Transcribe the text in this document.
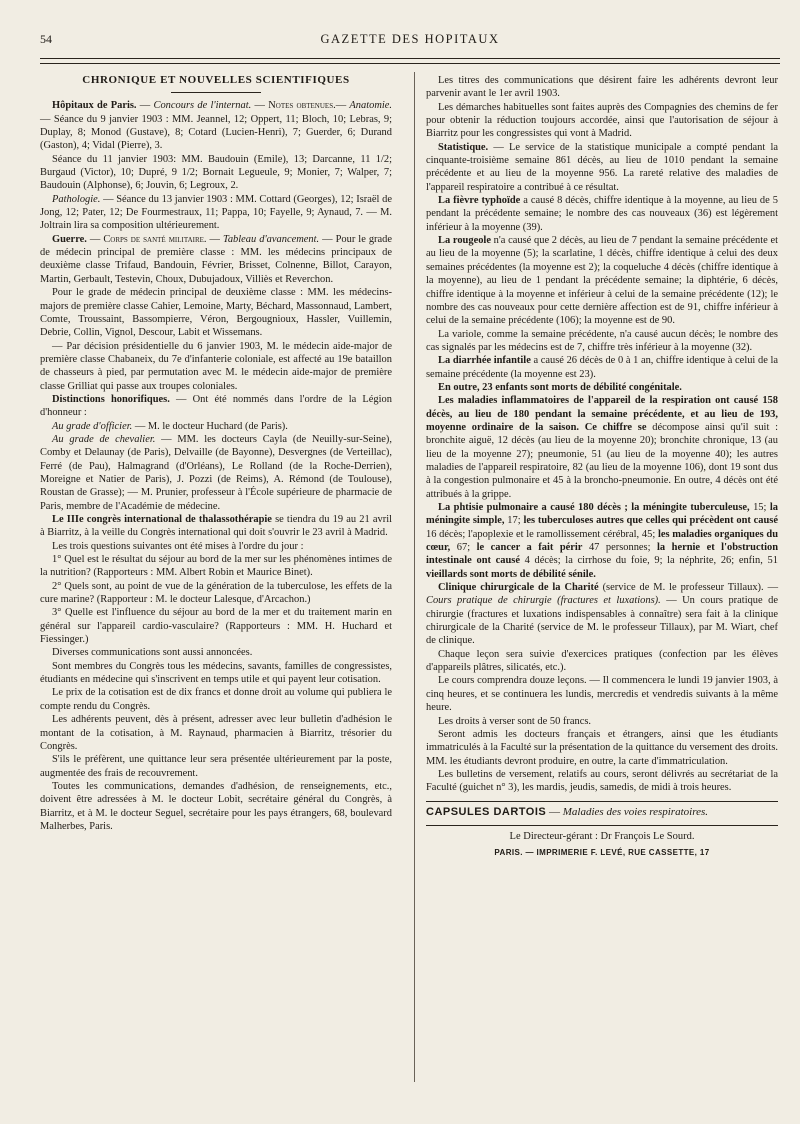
54	GAZETTE DES HOPITAUX
CHRONIQUE ET NOUVELLES SCIENTIFIQUES

Hôpitaux de Paris. — Concours de l'internat. — Notes obtenues.— Anatomie. — Séance du 9 janvier 1903 : MM. Jeannel, 12; Oppert, 11; Bloch, 10; Lebras, 9; Duplay, 8; Monod (Gustave), 8; Cotard (Lucien-Henri), 7; Guerder, 6; Durand (Gaston), 4; Vidal (Pierre), 3.

Séance du 11 janvier 1903: MM. Baudouin (Emile), 13; Darcanne, 11 1/2; Burgaud (Victor), 10; Dupré, 9 1/2; Bornait Legueule, 9; Monier, 7; Walper, 7; Baudouin (Alphonse), 6; Jouvin, 6; Legroux, 2.

Pathologie. — Séance du 13 janvier 1903 : MM. Cottard (Georges), 12; Israël de Jong, 12; Pater, 12; De Fourmestraux, 11; Pappa, 10; Fayelle, 9; Aynaud, 7. — M. Joltrain lira sa composition ultérieurement.

Guerre. — Corps de santé militaire. — Tableau d'avancement. — Pour le grade de médecin principal de première classe : MM. les médecins principaux de deuxième classe Trifaud, Bandouin, Février, Brisset, Colnenne, Billot, Carayon, Martin, Gerbault, Testevin, Choux, Dubujadoux, Villiès et Reverchon.

Pour le grade de médecin principal de deuxième classe : MM. les médecins-majors de première classe Cahier, Lemoine, Marty, Béchard, Massonnaud, Lambert, Comte, Troussaint, Bassompierre, Véron, Bergougnioux, Hassler, Vuillemin, Debrie, Collin, Vignol, Descour, Labit et Wissemans.

— Par décision présidentielle du 6 janvier 1903, M. le médecin aide-major de première classe Chabaneix, du 7e d'infanterie coloniale, est affecté au 19e bataillon de chasseurs à pied, par permutation avec M. le médecin aide-major de première classe Grilliat qui passe aux troupes coloniales.

Distinctions honorifiques. — Ont été nommés dans l'ordre de la Légion d'honneur :

Au grade d'officier. — M. le docteur Huchard (de Paris).

Au grade de chevalier. — MM. les docteurs Cayla (de Neuilly-sur-Seine), Comby et Delaunay (de Paris), Delvaille (de Bayonne), Desvergnes (de Verteillac), Ferré (de Pau), Halmagrand (d'Orléans), Le Rolland (de la Roche-Derrien), Moreigne et Natier de Paris), J. Pozzi (de Reims), A. Rémond (de Toulouse), Roustan de Grasse); — M. Prunier, professeur à l'École supérieure de pharmacie de Paris, membre de l'Académie de médecine.

Le IIIe congrès international de thalassothérapie se tiendra du 19 au 21 avril à Biarritz, à la veille du Congrès international qui doit s'ouvrir le 23 avril à Madrid.

Les trois questions suivantes ont été mises à l'ordre du jour :

1° Quel est le résultat du séjour au bord de la mer sur les phénomènes intimes de la nutrition? (Rapporteurs : MM. Albert Robin et Maurice Binet).

2° Quels sont, au point de vue de la génération de la tuberculose, les effets de la cure marine? (Rapporteur : M. le docteur Lalesque, d'Arcachon.)

3° Quelle est l'influence du séjour au bord de la mer et du traitement marin en général sur l'appareil cardio-vasculaire? (Rapporteurs : MM. H. Huchard et Fiessinger.)

Diverses communications sont aussi annoncées.

Sont membres du Congrès tous les médecins, savants, familles de congressistes, étudiants en médecine qui s'inscrivent en temps utile et qui payent leur cotisation.

Le prix de la cotisation est de dix francs et donne droit au volume qui publiera le compte rendu du Congrès.

Les adhérents peuvent, dès à présent, adresser avec leur bulletin d'adhésion le montant de la cotisation, à M. Raynaud, pharmacien à Biarritz, trésorier du Congrès.

S'ils le préfèrent, une quittance leur sera présentée ultérieurement par la poste, augmentée des frais de recouvrement.

Toutes les communications, demandes d'adhésion, de renseignements, etc., doivent être adressées à M. le docteur Lobit, secrétaire général du Congrès, à Biarritz, et à M. le docteur Seguel, secrétaire pour les pays étrangers, 68, boulevard Malherbes, Paris.

Les titres des communications que désirent faire les adhérents devront leur parvenir avant le 1er avril 1903.

Les démarches habituelles sont faites auprès des Compagnies des chemins de fer pour obtenir la réduction toujours accordée, ainsi que l'autorisation de séjour à Biarritz pour les congressistes qui vont à Madrid.

Statistique. — Le service de la statistique municipale a compté pendant la cinquante-troisième semaine 861 décès, au lieu de 1010 pendant la semaine précédente et au lieu de la moyenne 956. La rareté relative des maladies de l'appareil respiratoire a contribué à ce résultat.

La fièvre typhoïde a causé 8 décès, chiffre identique à la moyenne, au lieu de 5 pendant la précédente semaine; le nombre des cas nouveaux (36) est légèrement inférieur à la moyenne (39).

La rougeole n'a causé que 2 décès, au lieu de 7 pendant la semaine précédente et au lieu de la moyenne (5); la scarlatine, 1 décès, chiffre identique à celui des deux semaines précédentes (la moyenne est 2); la coqueluche 4 décès (chiffre identique à la moyenne), au lieu de 1 pendant la précédente semaine; la diphtérie, 6 décès, chiffre identique à la moyenne et inférieur à celui de la semaine précédente (12); le nombre des cas nouveaux pour cette dernière affection est de 91, chiffre inférieur à celui de la semaine précédente (106); la moyenne est de 90.

La variole, comme la semaine précédente, n'a causé aucun décès; le nombre des cas signalés par les médecins est de 7, chiffre très inférieur à la moyenne (32).

La diarrhée infantile a causé 26 décès de 0 à 1 an, chiffre identique à celui de la semaine précédente (la moyenne est 23).

En outre, 23 enfants sont morts de débilité congénitale.

Les maladies inflammatoires de l'appareil de la respiration ont causé 158 décès, au lieu de 180 pendant la semaine précédente, et au lieu de 193, moyenne ordinaire de la saison. Ce chiffre se décompose ainsi qu'il suit : bronchite aiguë, 12 décès (au lieu de la moyenne 20); bronchite chronique, 13 (au lieu de la moyenne 27); pneumonie, 51 (au lieu de la moyenne 40); les autres maladies de l'appareil respiratoire, 82 (au lieu de la moyenne 106), dont 19 sont dus à la congestion pulmonaire et 45 à la broncho-pneumonie. En outre, 4 décès ont été attribués à la grippe.

La phtisie pulmonaire a causé 180 décès ; la méningite tuberculeuse, 15; la méningite simple, 17; les tuberculoses autres que celles qui précèdent ont causé 16 décès; l'apoplexie et le ramollissement cérébral, 45; les maladies organiques du cœur, 67; le cancer a fait périr 47 personnes; la hernie et l'obstruction intestinale ont causé 4 décès; la cirrhose du foie, 9; la néphrite, 26; enfin, 51 vieillards sont morts de débilité sénile.

Clinique chirurgicale de la Charité (service de M. le professeur Tillaux). — Cours pratique de chirurgie (fractures et luxations). — Un cours pratique de chirurgie (fractures et luxations indispensables à connaître) sera fait à la clinique chirurgicale de la Charité (service de M. le professeur Tillaux), par M. Wiart, chef de clinique.

Chaque leçon sera suivie d'exercices pratiques (confection par les élèves d'appareils plâtres, silicatés, etc.).

Le cours comprendra douze leçons. — Il commencera le lundi 19 janvier 1903, à cinq heures, et se continuera les lundis, mercredis et vendredis suivants à la même heure.

Les droits à verser sont de 50 francs.

Seront admis les docteurs français et étrangers, ainsi que les étudiants immatriculés à la Faculté sur la présentation de la quittance du versement des droits. MM. les étudiants devront produire, en outre, la carte d'immatriculation.

Les bulletins de versement, relatifs au cours, seront délivrés au secrétariat de la Faculté (guichet n° 3), les mardis, jeudis, samedis, de midi à trois heures.

CAPSULES DARTOIS — Maladies des voies respiratoires.
Le Directeur-gérant : Dr François Le Sourd.
PARIS. — IMPRIMERIE F. LEVÉ, RUE CASSETTE, 17
